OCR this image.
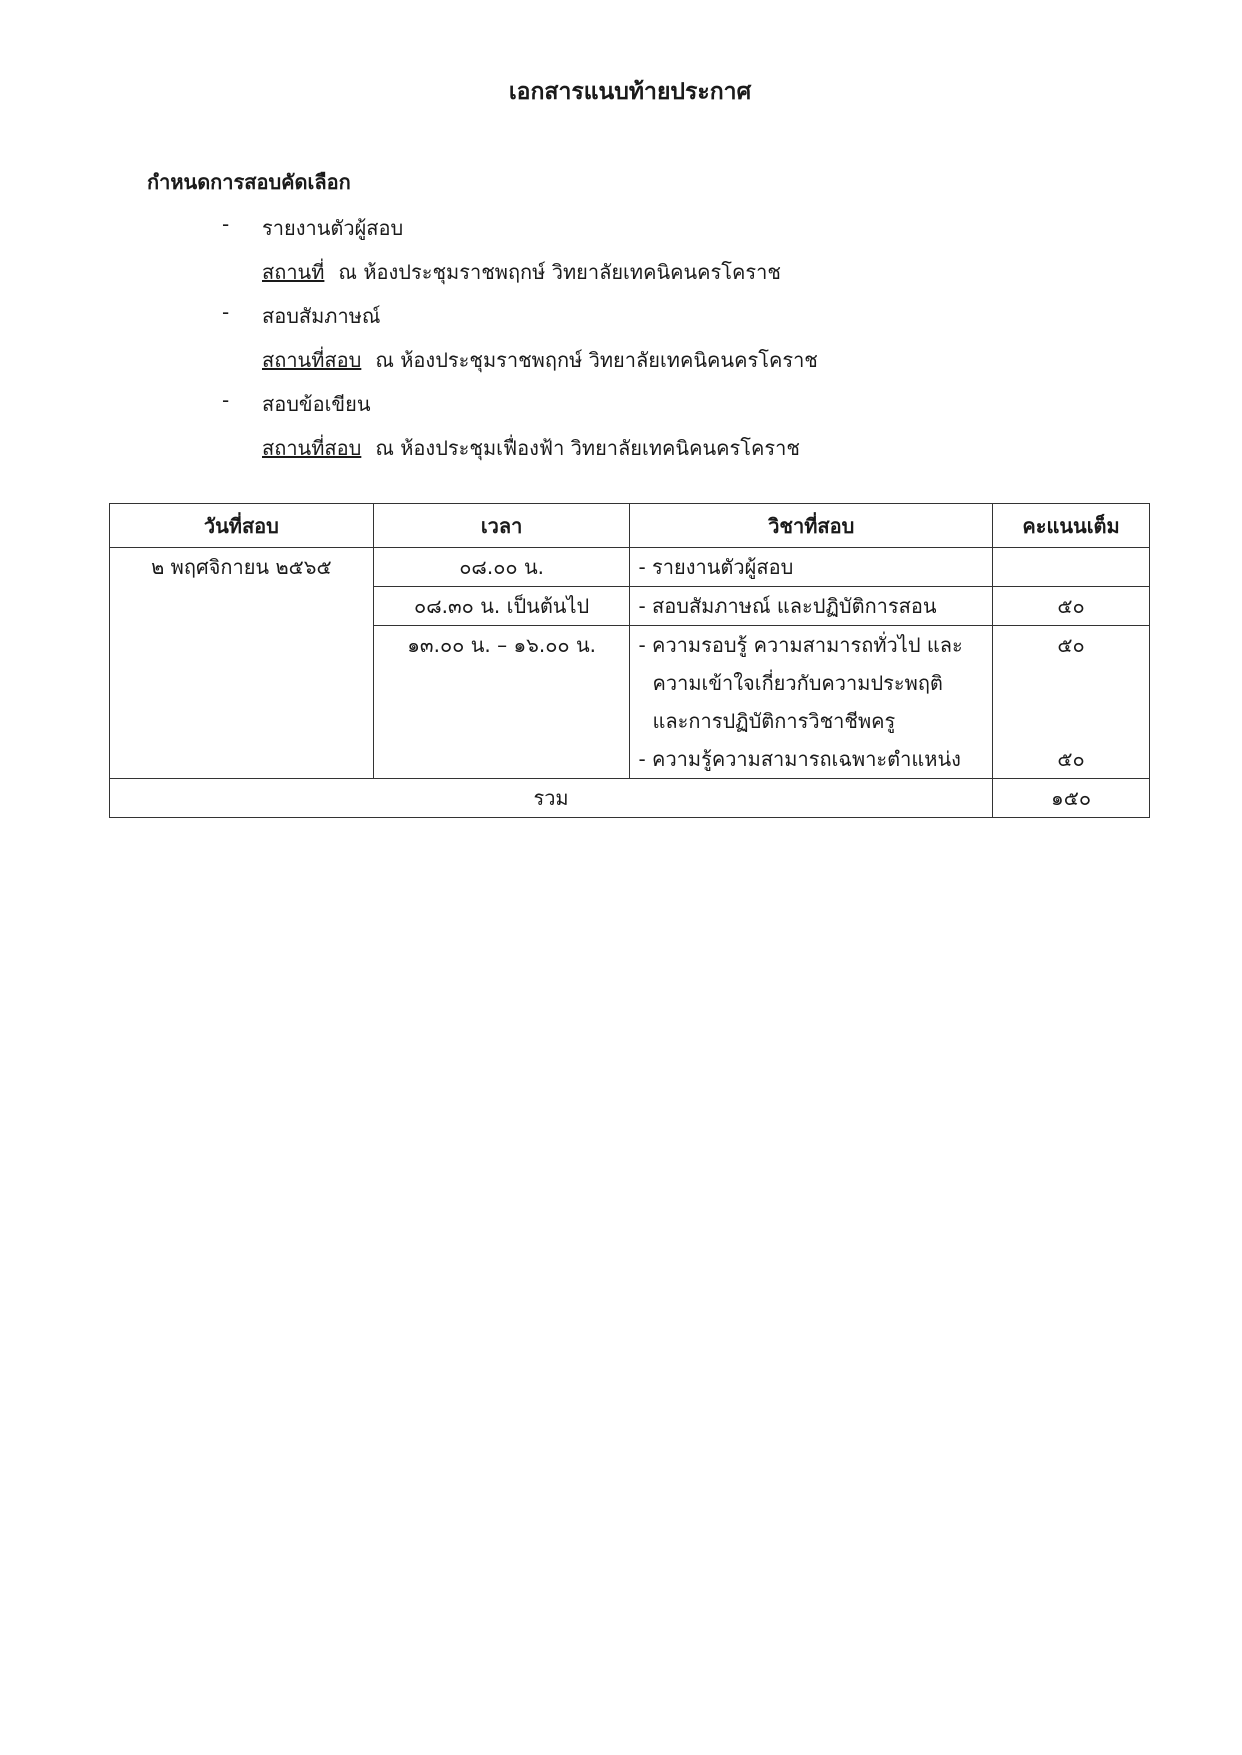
เอกสารแนบท้ายประกาศ
กำหนดการสอบคัดเลือก
- รายงานตัวผู้สอบ
สถานที่ ณ ห้องประชุมราชพฤกษ์ วิทยาลัยเทคนิคนครโคราช
- สอบสัมภาษณ์
สถานที่สอบ ณ ห้องประชุมราชพฤกษ์ วิทยาลัยเทคนิคนครโคราช
- สอบข้อเขียน
สถานที่สอบ ณ ห้องประชุมเฟื่องฟ้า วิทยาลัยเทคนิคนครโคราช
วันที่สอบ	เวลา	วิชาที่สอบ	คะแนนเต็ม
๒ พฤศจิกายน ๒๕๖๕	๐๘.๐๐ น.	- รายงานตัวผู้สอบ	
	๐๘.๓๐ น. เป็นต้นไป	- สอบสัมภาษณ์ และปฏิบัติการสอน	๕๐
	๑๓.๐๐ น. – ๑๖.๐๐ น.	- ความรอบรู้ ความสามารถทั่วไป และ
ความเข้าใจเกี่ยวกับความประพฤติ
และการปฏิบัติการวิชาชีพครู	๕๐
		- ความรู้ความสามารถเฉพาะตำแหน่ง	๕๐
รวม			๑๕๐
